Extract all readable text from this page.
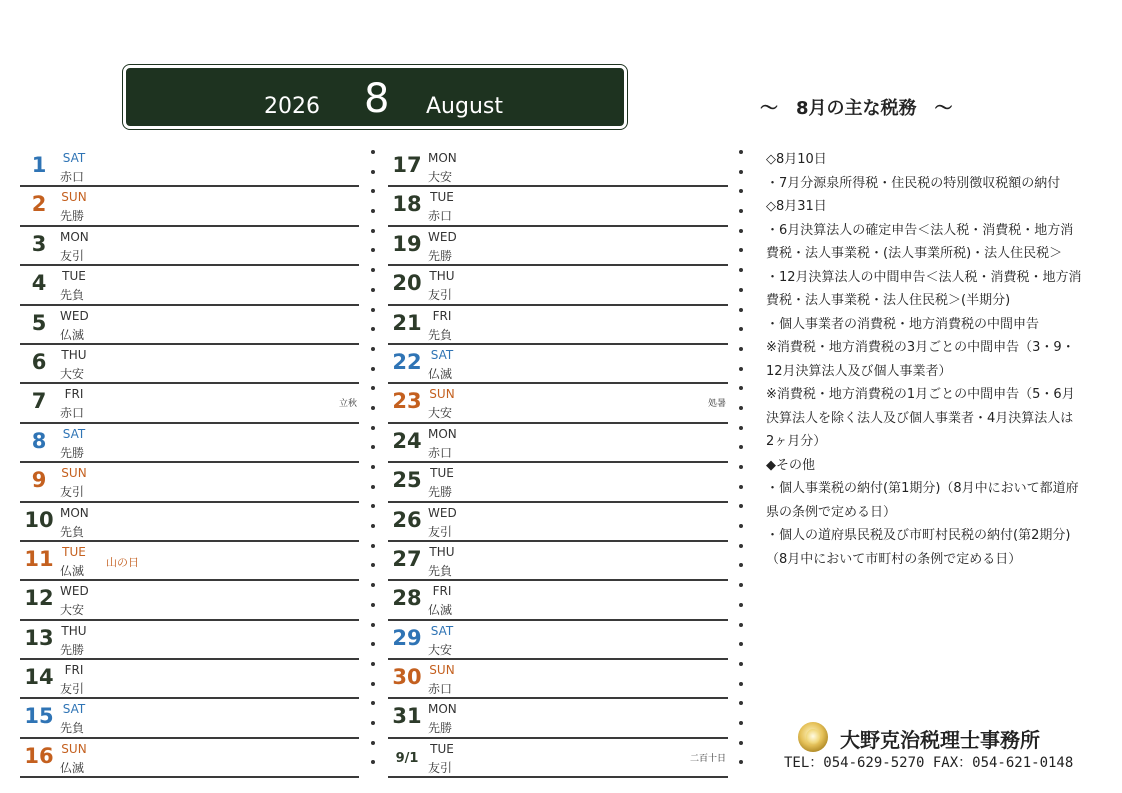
2026 8 August
1	SAT
赤口
2	SUN
先勝
3	MON
友引
4	TUE
先負
5	WED
仏滅
6	THU
大安
7	FRI
赤口
立秋
8	SAT
先勝
9	SUN
友引
10 MON
先負
11 TUE
仏滅
山の日
12 WED
大安
13 THU
先勝
14 FRI
友引
15 SAT
先負
16 SUN
仏滅
17 MON
大安
18 TUE
赤口
19 WED
先勝
20 THU
友引
21 FRI
先負
22 SAT
仏滅
23 SUN
大安
処暑
24 MON
赤口
25 TUE
先勝
26 WED
友引
27 THU
先負
28 FRI
仏滅
29 SAT
大安
30 SUN
赤口
31 MON
先勝
9/1
TUE
友引
二百十日
～　8月の主な税務　～
◇8月10日
・7月分源泉所得税・住民税の特別徴収税額の納付
◇8月31日
・6月決算法人の確定申告＜法人税・消費税・地方消
費税・法人事業税・(法人事業所税)・法人住民税＞
・12月決算法人の中間申告＜法人税・消費税・地方消
費税・法人事業税・法人住民税＞(半期分)
・個人事業者の消費税・地方消費税の中間申告
※消費税・地方消費税の3月ごとの中間申告（3・9・
12月決算法人及び個人事業者）
※消費税・地方消費税の1月ごとの中間申告（5・6月
決算法人を除く法人及び個人事業者・4月決算法人は
2ヶ月分）
◆その他
・個人事業税の納付(第1期分)（8月中において都道府
県の条例で定める日）
・個人の道府県民税及び市町村民税の納付(第2期分)
（8月中において市町村の条例で定める日）
大野克治税理士事務所
TEL：054-629-5270 FAX：054-621-0148
